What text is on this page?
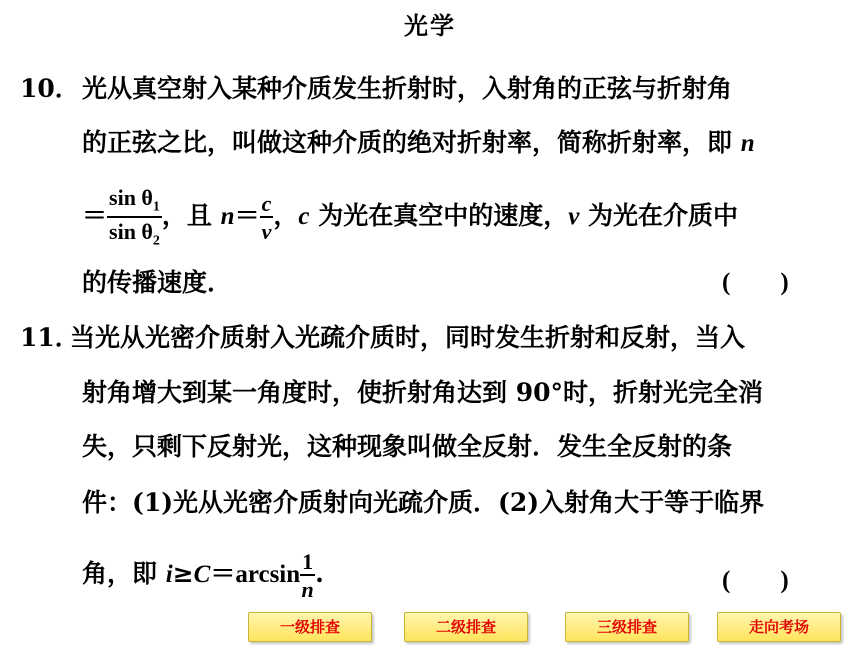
光学
10．光从真空射入某种介质发生折射时，入射角的正弦与折射角
的正弦之比，叫做这种介质的绝对折射率，简称折射率，即 n
＝ $\frac{\sin \theta_1}{\sin \theta_2}$ ，且 $n= \frac{c}{v}$ ，c 为光在真空中的速度，v 为光在介质中
的传播速度．	(　　)
11．当光从光密介质射入光疏介质时，同时发生折射和反射，当入
射角增大到某一角度时，使折射角达到 90°时，折射光完全消
失，只剩下反射光，这种现象叫做全反射．发生全反射的条
件：(1)光从光密介质射向光疏介质．(2)入射角大于等于临界
角，即 $i\ge C=\arcsin \frac{1}{n}$ .	(　　)
一级排查	二级排查	三级排查	走向考场
